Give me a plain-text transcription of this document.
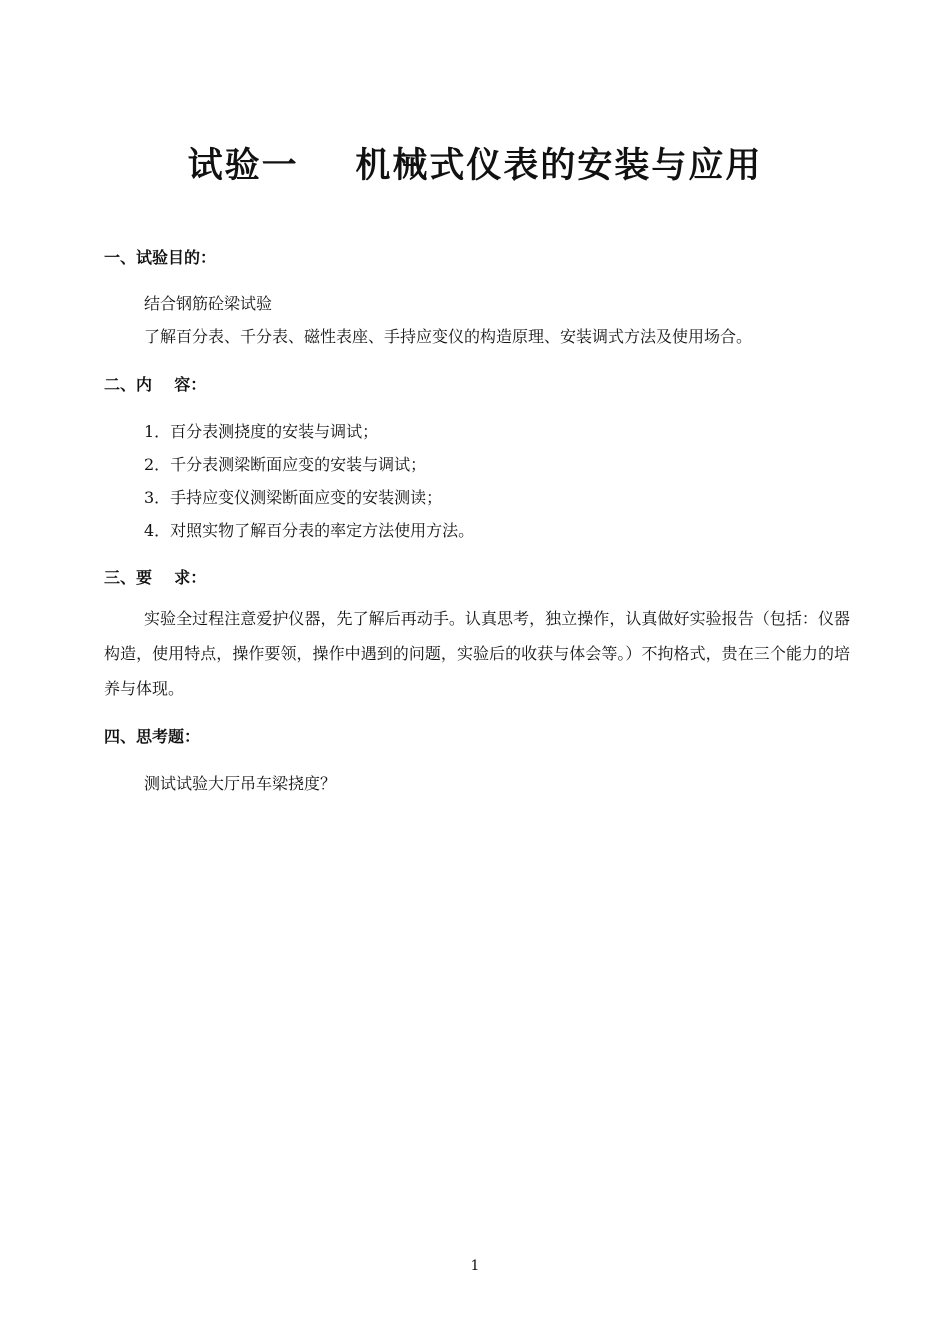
试验一    机械式仪表的安装与应用
一、试验目的：
结合钢筋砼梁试验
了解百分表、千分表、磁性表座、手持应变仪的构造原理、安装调式方法及使用场合。
二、内    容：
1．百分表测挠度的安装与调试；
2．千分表测梁断面应变的安装与调试；
3．手持应变仪测梁断面应变的安装测读；
4．对照实物了解百分表的率定方法使用方法。
三、要    求：

实验全过程注意爱护仪器，先了解后再动手。认真思考，独立操作，认真做好实验报告（包括：仪器构造，使用特点，操作要领，操作中遇到的问题，实验后的收获与体会等。）不拘格式，贵在三个能力的培养与体现。

四、思考题：
测试试验大厅吊车梁挠度？
1
